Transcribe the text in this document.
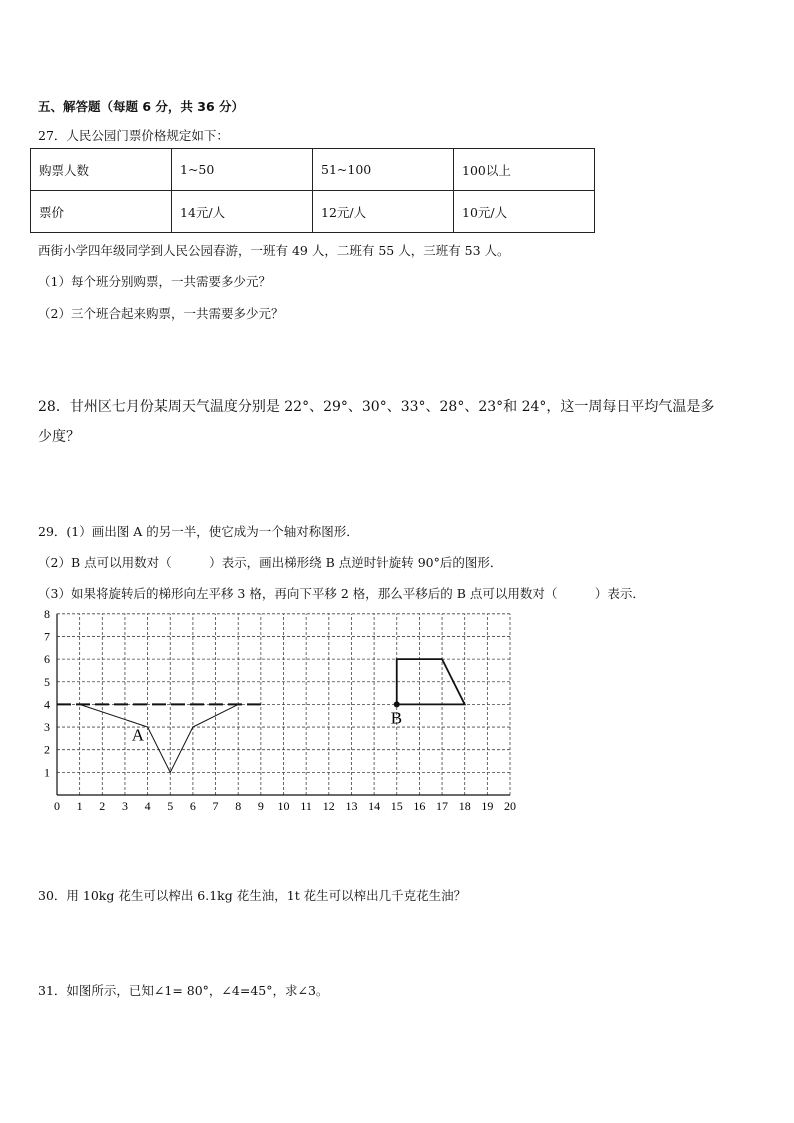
五、解答题（每题 6 分，共 36 分）
27．人民公园门票价格规定如下：
购票人数	1~50	51~100	100以上
票价	14元/人	12元/人	10元/人
西街小学四年级同学到人民公园春游，一班有 49 人，二班有 55 人，三班有 53 人。
（1）每个班分别购票，一共需要多少元？
（2）三个班合起来购票，一共需要多少元？
28．甘州区七月份某周天气温度分别是 22°、29°、30°、33°、28°、23°和 24°，这一周每日平均气温是多
少度？
29．(1）画出图 A 的另一半，使它成为一个轴对称图形．
（2）B 点可以用数对（　　　）表示，画出梯形绕 B 点逆时针旋转 90°后的图形．
（3）如果将旋转后的梯形向左平移 3 格，再向下平移 2 格，那么平移后的 B 点可以用数对（　　　）表示．
0 1 2 3 4 5 6 7 8 9 10 11 12 13 14 15 16 17 18 19 20
1
2
3
4
5
6
7
8
A
B
30．用 10kg 花生可以榨出 6.1kg 花生油，1t 花生可以榨出几千克花生油？
31．如图所示，已知∠1= 80°，∠4=45°，求∠3。
